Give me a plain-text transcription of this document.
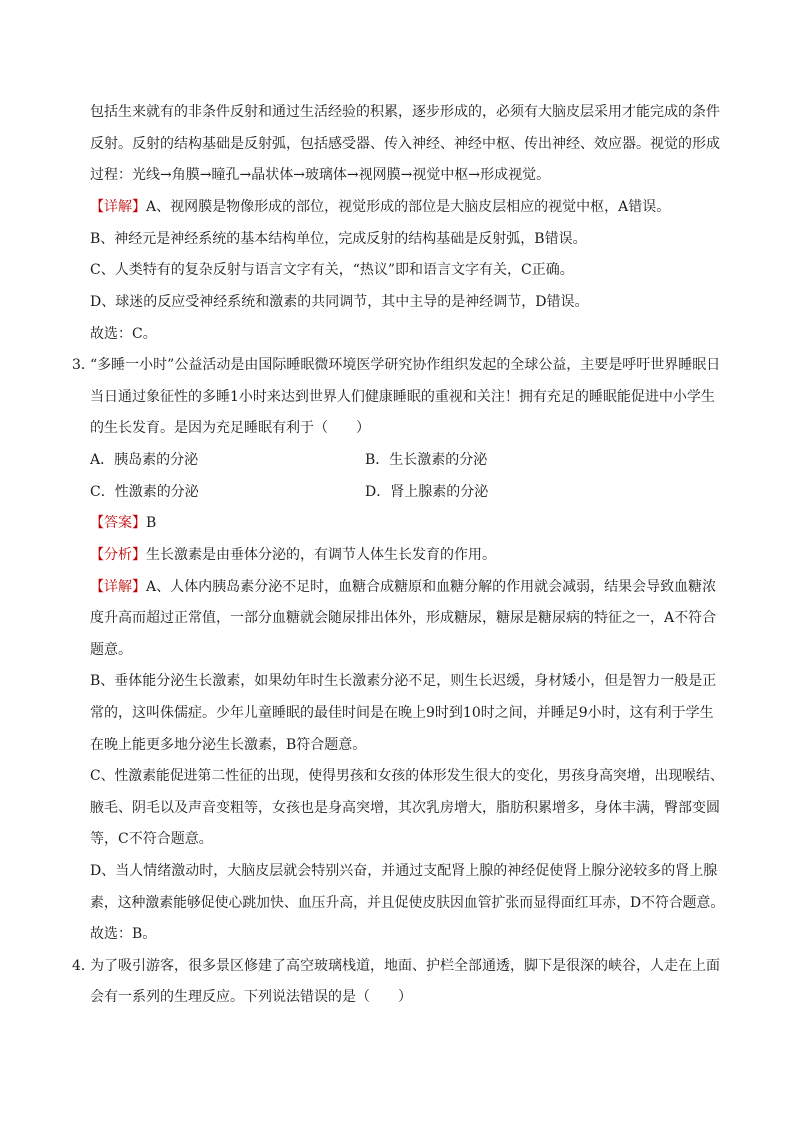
包括生来就有的非条件反射和通过生活经验的积累，逐步形成的，必须有大脑皮层采用才能完成的条件
反射。反射的结构基础是反射弧，包括感受器、传入神经、神经中枢、传出神经、效应器。视觉的形成
过程：光线→角膜→瞳孔→晶状体→玻璃体→视网膜→视觉中枢→形成视觉。
【详解】A、视网膜是物像形成的部位，视觉形成的部位是大脑皮层相应的视觉中枢，A错误。
B、神经元是神经系统的基本结构单位，完成反射的结构基础是反射弧，B错误。
C、人类特有的复杂反射与语言文字有关，“热议”即和语言文字有关，C正确。
D、球迷的反应受神经系统和激素的共同调节，其中主导的是神经调节，D错误。
故选：C。
3．
“多睡一小时”公益活动是由国际睡眠微环境医学研究协作组织发起的全球公益，主要是呼吁世界睡眠日
当日通过象征性的多睡1小时来达到世界人们健康睡眠的重视和关注！拥有充足的睡眠能促进中小学生
的生长发育。是因为充足睡眠有利于（　　）
A．胰岛素的分泌	B．生长激素的分泌
C．性激素的分泌	D．肾上腺素的分泌
【答案】B
【分析】生长激素是由垂体分泌的，有调节人体生长发育的作用。
【详解】A、人体内胰岛素分泌不足时，血糖合成糖原和血糖分解的作用就会减弱，结果会导致血糖浓
度升高而超过正常值，一部分血糖就会随尿排出体外，形成糖尿，糖尿是糖尿病的特征之一，A不符合
题意。
B、垂体能分泌生长激素，如果幼年时生长激素分泌不足，则生长迟缓，身材矮小，但是智力一般是正
常的，这叫侏儒症。少年儿童睡眠的最佳时间是在晚上9时到10时之间，并睡足9小时，这有利于学生
在晚上能更多地分泌生长激素，B符合题意。
C、性激素能促进第二性征的出现，使得男孩和女孩的体形发生很大的变化，男孩身高突增，出现喉结、
腋毛、阴毛以及声音变粗等，女孩也是身高突增，其次乳房增大，脂肪积累增多，身体丰满，臀部变圆
等，C不符合题意。
D、当人情绪激动时，大脑皮层就会特别兴奋，并通过支配肾上腺的神经促使肾上腺分泌较多的肾上腺
素，这种激素能够促使心跳加快、血压升高，并且促使皮肤因血管扩张而显得面红耳赤，D不符合题意。
故选：B。
4．
为了吸引游客，很多景区修建了高空玻璃栈道，地面、护栏全部通透，脚下是很深的峡谷，人走在上面
会有一系列的生理反应。下列说法错误的是（　　）
